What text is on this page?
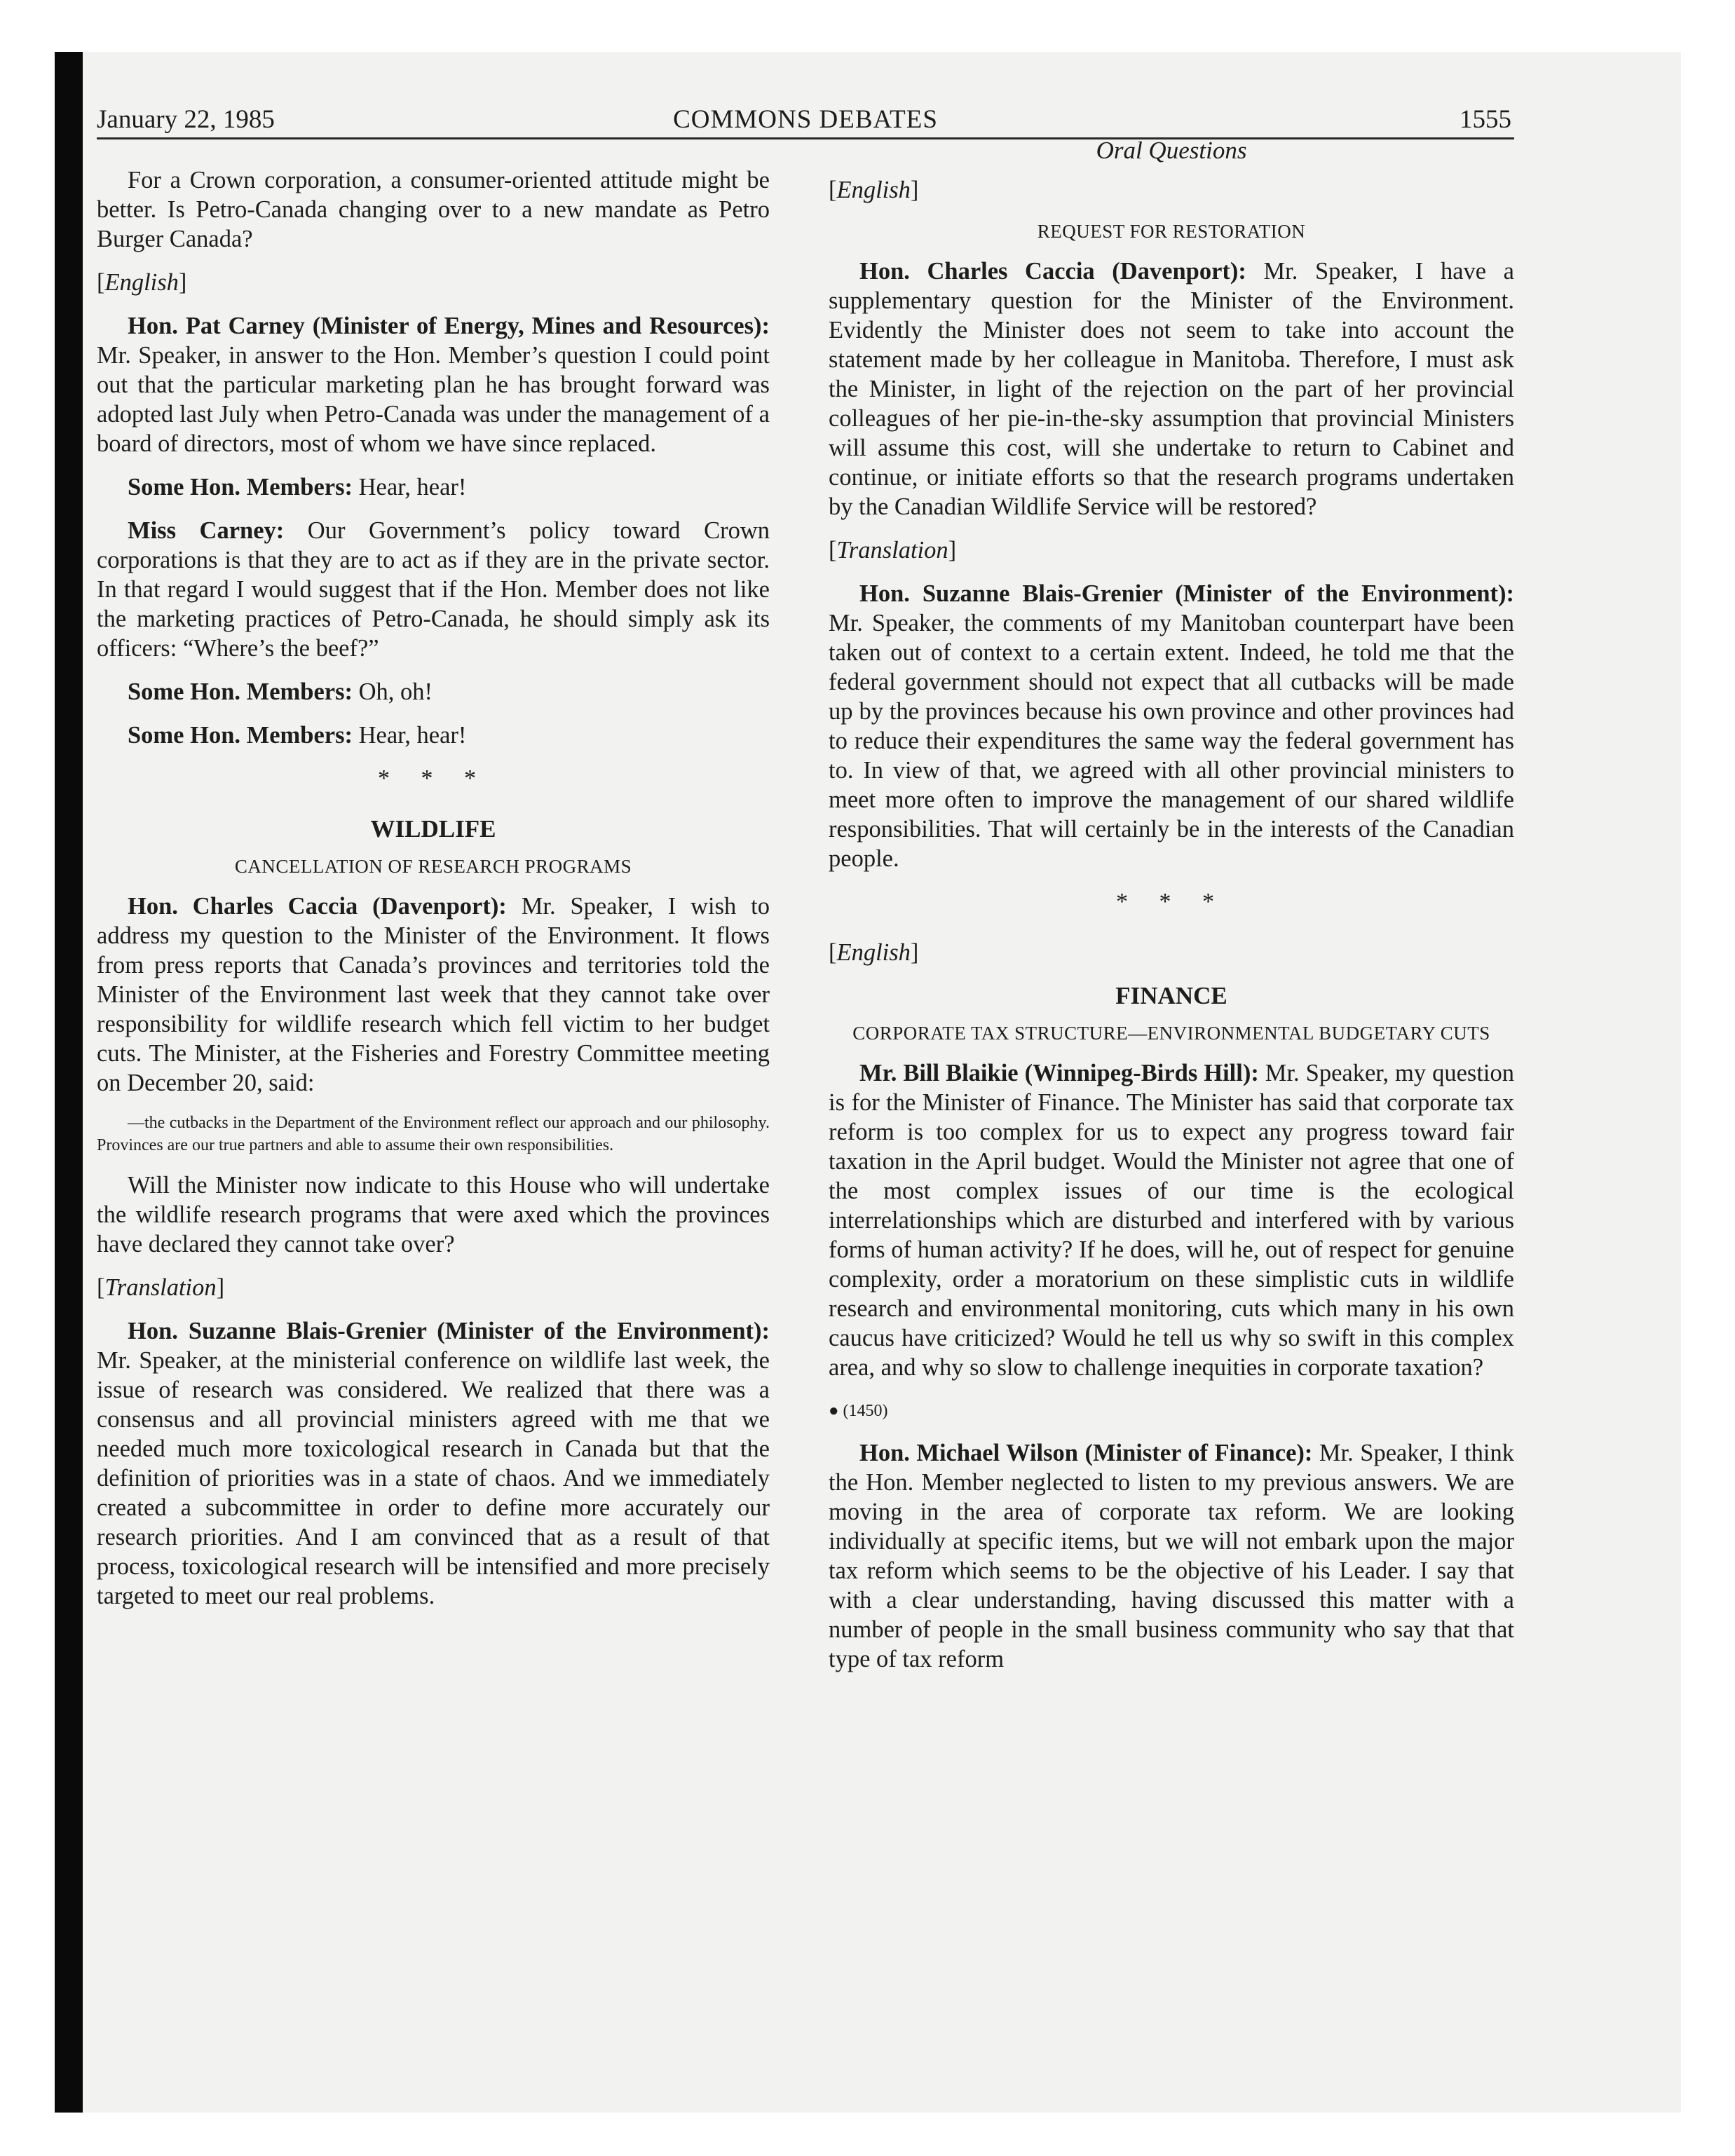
January 22, 1985	COMMONS DEBATES	1555

For a Crown corporation, a consumer-oriented attitude might be better. Is Petro-Canada changing over to a new mandate as Petro Burger Canada?

[English]

Hon. Pat Carney (Minister of Energy, Mines and Resources): Mr. Speaker, in answer to the Hon. Member’s question I could point out that the particular marketing plan he has brought forward was adopted last July when Petro-Canada was under the management of a board of directors, most of whom we have since replaced.

Some Hon. Members: Hear, hear!

Miss Carney: Our Government’s policy toward Crown corporations is that they are to act as if they are in the private sector. In that regard I would suggest that if the Hon. Member does not like the marketing practices of Petro-Canada, he should simply ask its officers: “Where’s the beef?”

Some Hon. Members: Oh, oh!

Some Hon. Members: Hear, hear!

* * *
WILDLIFE
CANCELLATION OF RESEARCH PROGRAMS

Hon. Charles Caccia (Davenport): Mr. Speaker, I wish to address my question to the Minister of the Environment. It flows from press reports that Canada’s provinces and territories told the Minister of the Environment last week that they cannot take over responsibility for wildlife research which fell victim to her budget cuts. The Minister, at the Fisheries and Forestry Committee meeting on December 20, said:

—the cutbacks in the Department of the Environment reflect our approach and our philosophy. Provinces are our true partners and able to assume their own responsibilities.

Will the Minister now indicate to this House who will undertake the wildlife research programs that were axed which the provinces have declared they cannot take over?

[Translation]

Hon. Suzanne Blais-Grenier (Minister of the Environment): Mr. Speaker, at the ministerial conference on wildlife last week, the issue of research was considered. We realized that there was a consensus and all provincial ministers agreed with me that we needed much more toxicological research in Canada but that the definition of priorities was in a state of chaos. And we immediately created a subcommittee in order to define more accurately our research priorities. And I am convinced that as a result of that process, toxicological research will be intensified and more precisely targeted to meet our real problems.

Oral Questions
[English]
REQUEST FOR RESTORATION

Hon. Charles Caccia (Davenport): Mr. Speaker, I have a supplementary question for the Minister of the Environment. Evidently the Minister does not seem to take into account the statement made by her colleague in Manitoba. Therefore, I must ask the Minister, in light of the rejection on the part of her provincial colleagues of her pie-in-the-sky assumption that provincial Ministers will assume this cost, will she undertake to return to Cabinet and continue, or initiate efforts so that the research programs undertaken by the Canadian Wildlife Service will be restored?

[Translation]

Hon. Suzanne Blais-Grenier (Minister of the Environment): Mr. Speaker, the comments of my Manitoban counterpart have been taken out of context to a certain extent. Indeed, he told me that the federal government should not expect that all cutbacks will be made up by the provinces because his own province and other provinces had to reduce their expenditures the same way the federal government has to. In view of that, we agreed with all other provincial ministers to meet more often to improve the management of our shared wildlife responsibilities. That will certainly be in the interests of the Canadian people.

* * *
[English]
FINANCE
CORPORATE TAX STRUCTURE—ENVIRONMENTAL BUDGETARY CUTS

Mr. Bill Blaikie (Winnipeg-Birds Hill): Mr. Speaker, my question is for the Minister of Finance. The Minister has said that corporate tax reform is too complex for us to expect any progress toward fair taxation in the April budget. Would the Minister not agree that one of the most complex issues of our time is the ecological interrelationships which are disturbed and interfered with by various forms of human activity? If he does, will he, out of respect for genuine complexity, order a moratorium on these simplistic cuts in wildlife research and environmental monitoring, cuts which many in his own caucus have criticized? Would he tell us why so swift in this complex area, and why so slow to challenge inequities in corporate taxation?

● (1450)

Hon. Michael Wilson (Minister of Finance): Mr. Speaker, I think the Hon. Member neglected to listen to my previous answers. We are moving in the area of corporate tax reform. We are looking individually at specific items, but we will not embark upon the major tax reform which seems to be the objective of his Leader. I say that with a clear understanding, having discussed this matter with a number of people in the small business community who say that that type of tax reform
